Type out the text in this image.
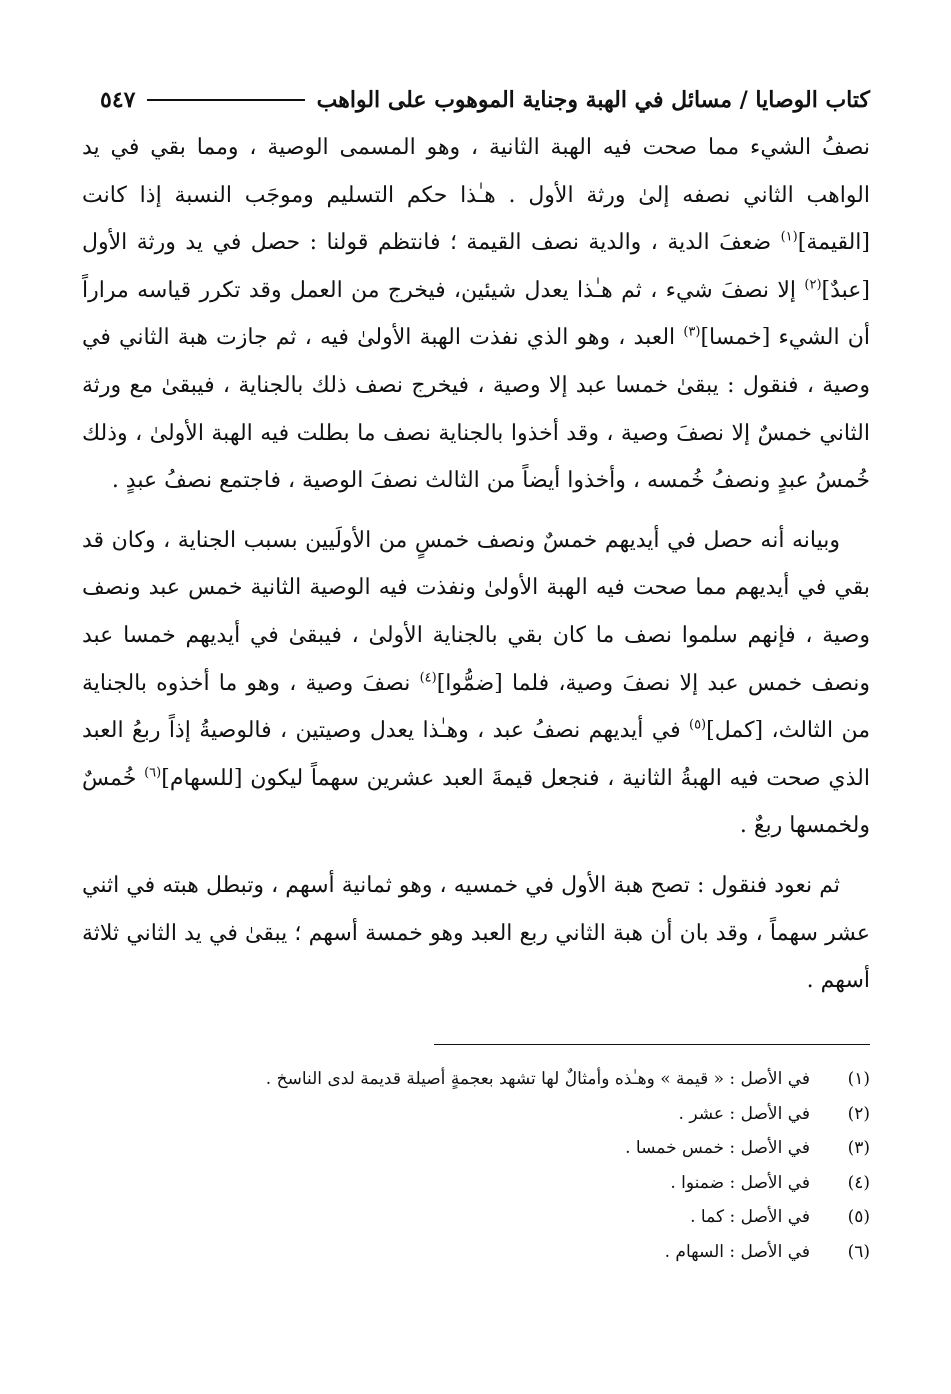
كتاب الوصايا / مسائل في الهبة وجناية الموهوب على الواهب
٥٤٧

نصفُ الشيء مما صحت فيه الهبة الثانية ، وهو المسمى الوصية ، ومما بقي في يد الواهب الثاني نصفه إلىٰ ورثة الأول . هـٰذا حكم التسليم وموجَب النسبة إذا كانت [القيمة]$^{(١)}$ ضعفَ الدية ، والدية نصف القيمة ؛ فانتظم قولنا : حصل في يد ورثة الأول [عبدٌ]$^{(٢)}$ إلا نصفَ شيء ، ثم هـٰذا يعدل شيئين، فيخرج من العمل وقد تكرر قياسه مراراً أن الشيء [خمسا]$^{(٣)}$ العبد ، وهو الذي نفذت الهبة الأولىٰ فيه ، ثم جازت هبة الثاني في وصية ، فنقول : يبقىٰ خمسا عبد إلا وصية ، فيخرج نصف ذلك بالجناية ، فيبقىٰ مع ورثة الثاني خمسٌ إلا نصفَ وصية ، وقد أخذوا بالجناية نصف ما بطلت فيه الهبة الأولىٰ ، وذلك خُمسُ عبدٍ ونصفُ خُمسه ، وأخذوا أيضاً من الثالث نصفَ الوصية ، فاجتمع نصفُ عبدٍ .

وبيانه أنه حصل في أيديهم خمسٌ ونصف خمسٍ من الأولَيين بسبب الجناية ، وكان قد بقي في أيديهم مما صحت فيه الهبة الأولىٰ ونفذت فيه الوصية الثانية خمس عبد ونصف وصية ، فإنهم سلموا نصف ما كان بقي بالجناية الأولىٰ ، فيبقىٰ في أيديهم خمسا عبد ونصف خمس عبد إلا نصفَ وصية، فلما [ضمُّوا]$^{(٤)}$ نصفَ وصية ، وهو ما أخذوه بالجناية من الثالث، [كمل]$^{(٥)}$ في أيديهم نصفُ عبد ، وهـٰذا يعدل وصيتين ، فالوصيةُ إذاً ربعُ العبد الذي صحت فيه الهبةُ الثانية ، فنجعل قيمةَ العبد عشرين سهماً ليكون [للسهام]$^{(٦)}$ خُمسٌ ولخمسها ربعٌ .

ثم نعود فنقول : تصح هبة الأول في خمسيه ، وهو ثمانية أسهم ، وتبطل هبته في اثني عشر سهماً ، وقد بان أن هبة الثاني ربع العبد وهو خمسة أسهم ؛ يبقىٰ في يد الثاني ثلاثة أسهم .

(١)
في الأصل : « قيمة » وهـٰذه وأمثالٌ لها تشهد بعجمةٍ أصيلة قديمة لدى الناسخ .
(٢)
في الأصل : عشر .
(٣)
في الأصل : خمس خمسا .
(٤)
في الأصل : ضمنوا .
(٥)
في الأصل : كما .
(٦)
في الأصل : السهام .
